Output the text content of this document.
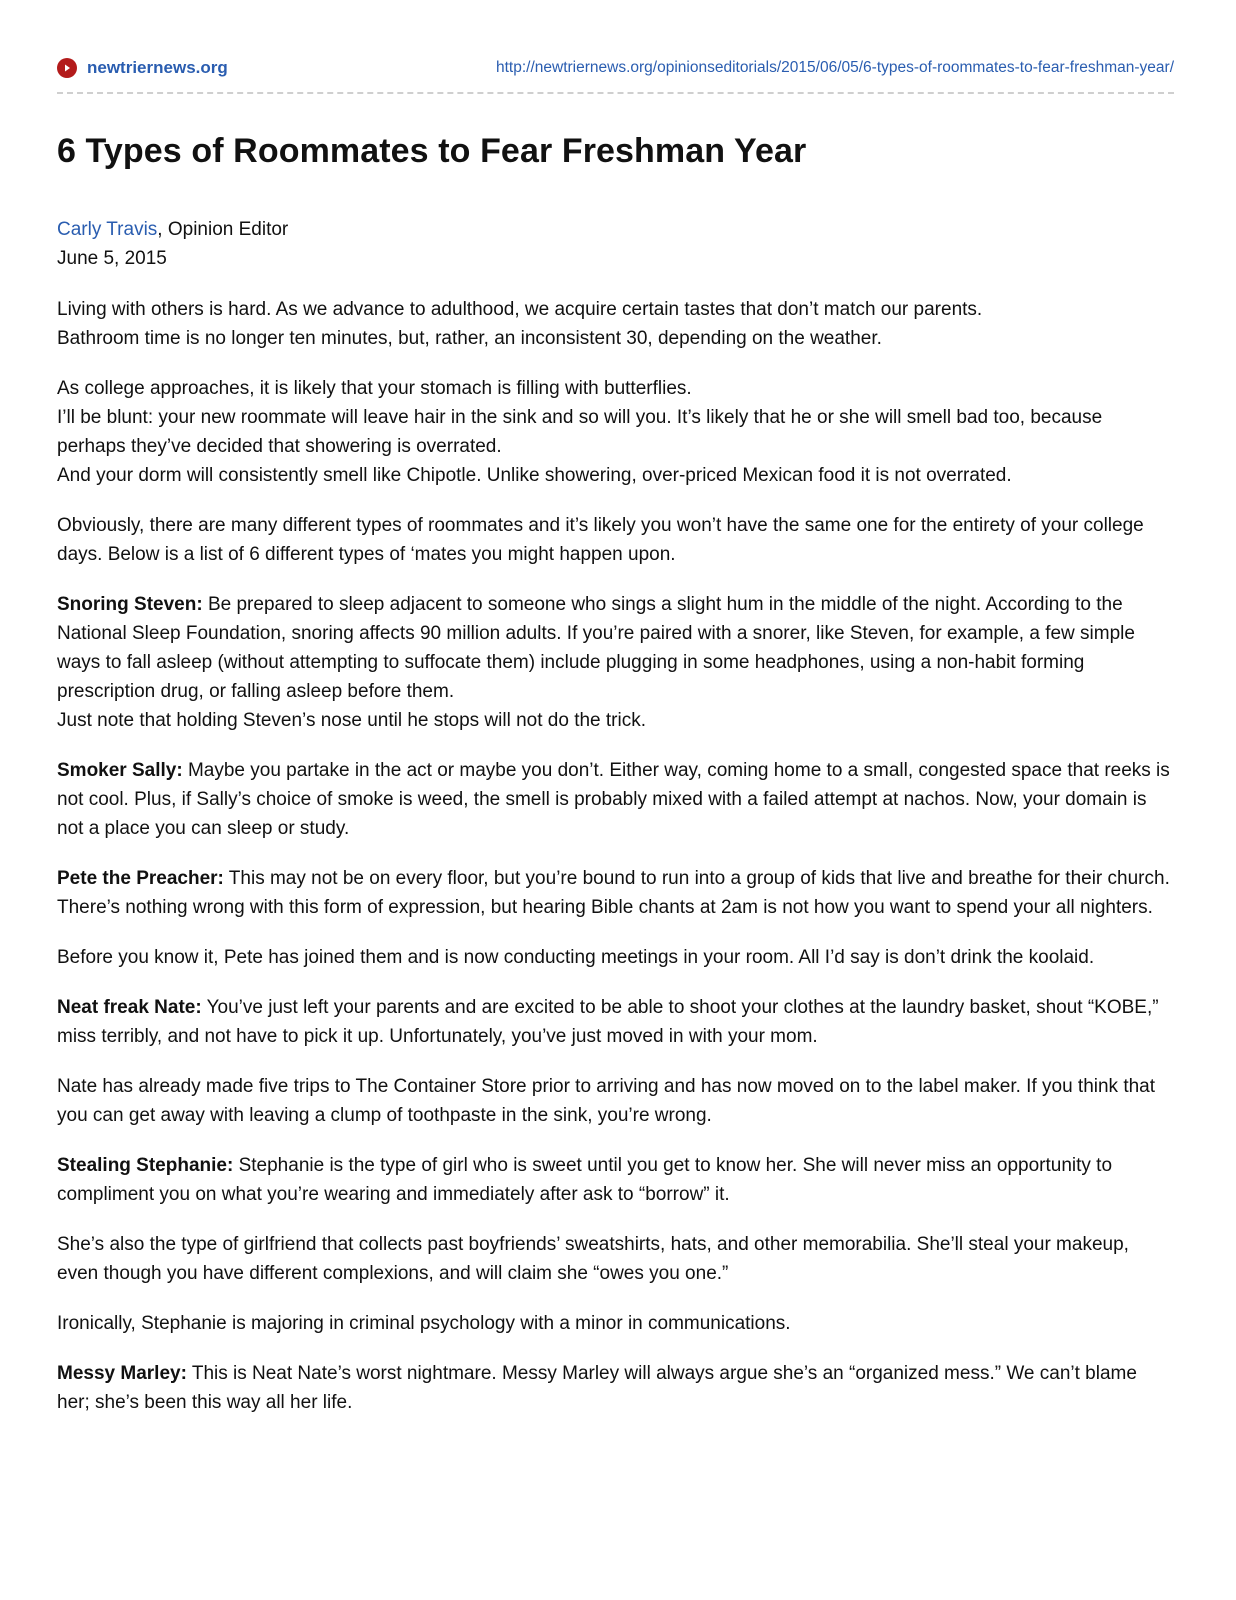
newtriernews.org	http://newtriernews.org/opinionseditorials/2015/06/05/6-types-of-roommates-to-fear-freshman-year/
6 Types of Roommates to Fear Freshman Year
Carly Travis, Opinion Editor
June 5, 2015

Living with others is hard. As we advance to adulthood, we acquire certain tastes that don’t match our parents.
Bathroom time is no longer ten minutes, but, rather, an inconsistent 30, depending on the weather.

As college approaches, it is likely that your stomach is filling with butterflies.
I’ll be blunt: your new roommate will leave hair in the sink and so will you. It’s likely that he or she will smell bad too, because perhaps they’ve decided that showering is overrated.
And your dorm will consistently smell like Chipotle. Unlike showering, over-priced Mexican food it is not overrated.

Obviously, there are many different types of roommates and it’s likely you won’t have the same one for the entirety of your college days. Below is a list of 6 different types of ‘mates you might happen upon.

Snoring Steven: Be prepared to sleep adjacent to someone who sings a slight hum in the middle of the night. According to the National Sleep Foundation, snoring affects 90 million adults. If you’re paired with a snorer, like Steven, for example, a few simple ways to fall asleep (without attempting to suffocate them) include plugging in some headphones, using a non-habit forming prescription drug, or falling asleep before them.
Just note that holding Steven’s nose until he stops will not do the trick.

Smoker Sally: Maybe you partake in the act or maybe you don’t. Either way, coming home to a small, congested space that reeks is not cool. Plus, if Sally’s choice of smoke is weed, the smell is probably mixed with a failed attempt at nachos. Now, your domain is not a place you can sleep or study.

Pete the Preacher: This may not be on every floor, but you’re bound to run into a group of kids that live and breathe for their church. There’s nothing wrong with this form of expression, but hearing Bible chants at 2am is not how you want to spend your all nighters.

Before you know it, Pete has joined them and is now conducting meetings in your room. All I’d say is don’t drink the koolaid.

Neat freak Nate: You’ve just left your parents and are excited to be able to shoot your clothes at the laundry basket, shout “KOBE,” miss terribly, and not have to pick it up. Unfortunately, you’ve just moved in with your mom.

Nate has already made five trips to The Container Store prior to arriving and has now moved on to the label maker. If you think that you can get away with leaving a clump of toothpaste in the sink, you’re wrong.

Stealing Stephanie: Stephanie is the type of girl who is sweet until you get to know her. She will never miss an opportunity to compliment you on what you’re wearing and immediately after ask to “borrow” it.

She’s also the type of girlfriend that collects past boyfriends’ sweatshirts, hats, and other memorabilia. She’ll steal your makeup, even though you have different complexions, and will claim she “owes you one.”

Ironically, Stephanie is majoring in criminal psychology with a minor in communications.

Messy Marley: This is Neat Nate’s worst nightmare. Messy Marley will always argue she’s an “organized mess.” We can’t blame her; she’s been this way all her life.
